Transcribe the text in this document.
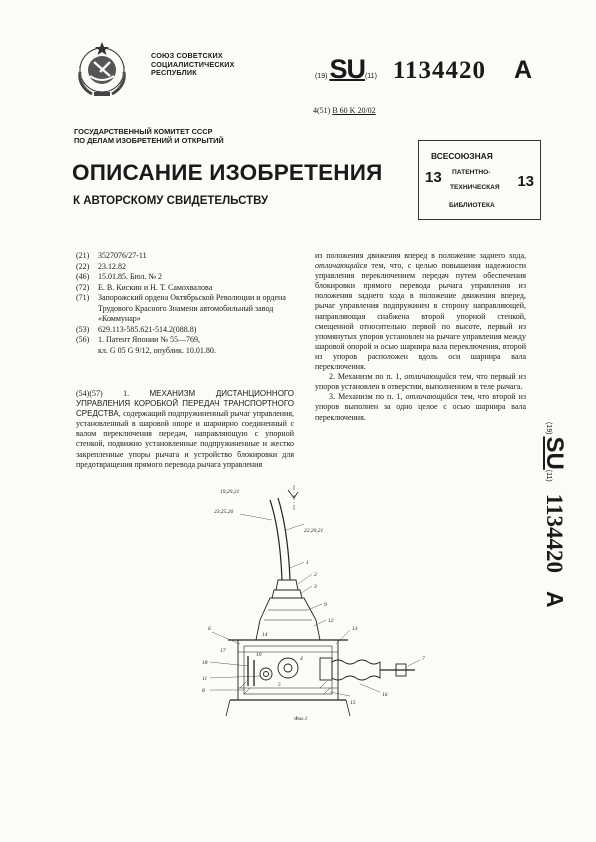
СОЮЗ СОВЕТСКИХ
СОЦИАЛИСТИЧЕСКИХ
РЕСПУБЛИК	(19) SU (11) 1134420 A
4(51) B 60 K 20/02
ГОСУДАРСТВЕННЫЙ КОМИТЕТ СССР
ПО ДЕЛАМ ИЗОБРЕТЕНИЙ И ОТКРЫТИЙ
ОПИСАНИЕ ИЗОБРЕТЕНИЯ
К АВТОРСКОМУ СВИДЕТЕЛЬСТВУ
ВСЕСОЮЗНАЯ
13 ПАТЕНТНО-
ТЕХНИЧЕСКАЯ 13
БИБЛИОТЕКА
(21)	3527076/27-11
(22)	23.12.82
(46)	15.01.85. Бюл. № 2
(72)	Е. В. Кискин и Н. Т. Самохвалова
(71)	Запорожский ордена Октябрьской Революции и ордена Трудового Красного Знамени автомобильный завод «Коммунар»
(53)	629.113-585.621-514.2(088.8)
(56)	1. Патент Японии № 55—769,
кл. G 05 G 9/12, опублик. 10.01.80.
(54)(57) 1.	МЕХАНИЗМ ДИСТАНЦИОННОГО УПРАВЛЕНИЯ КОРОБКОЙ ПЕРЕДАЧ ТРАНСПОРТНОГО СРЕДСТВА, содержащий подпружиненный рычаг управления, установленный в шаровой опоре и шарнирно соединенный с валом переключения передач, направляющую с упорной стенкой, подвижно установленные подпружиненные и жестко закрепленные упоры рычага и устройство блокировки для предотвращения прямого перевода рычага управления

из положения движения вперед в положение заднего хода, отличающийся тем, что, с целью повышения надежности управления переключением передач путем обеспечения блокировки прямого перевода рычага управления из положения заднего хода в положение движения вперед, рычаг управления подпружинен в сторону направляющей, направляющая снабжена второй упорной стенкой, смещенной относительно первой по высоте, первый из упомянутых упоров установлен на рычаге управления между шаровой опорой и осью шарнира вала переключения, второй из упоров расположен вдоль оси шарнира вала переключения.

2. Механизм по п. 1, отличающийся тем, что первый из упоров установлен в отверстии, выполненном в теле рычага.

3. Механизм по п. 1, отличающийся тем, что второй из упоров выполнен за одно целое с осью шарнира вала переключения.

(19)
SU
(11)
1134420
A
19,20,21
23,25,26
22,20,21
1
2
3
9
12
13
6
17
18
11
8
7
16
15
14
4
5
10
Фиг.1
